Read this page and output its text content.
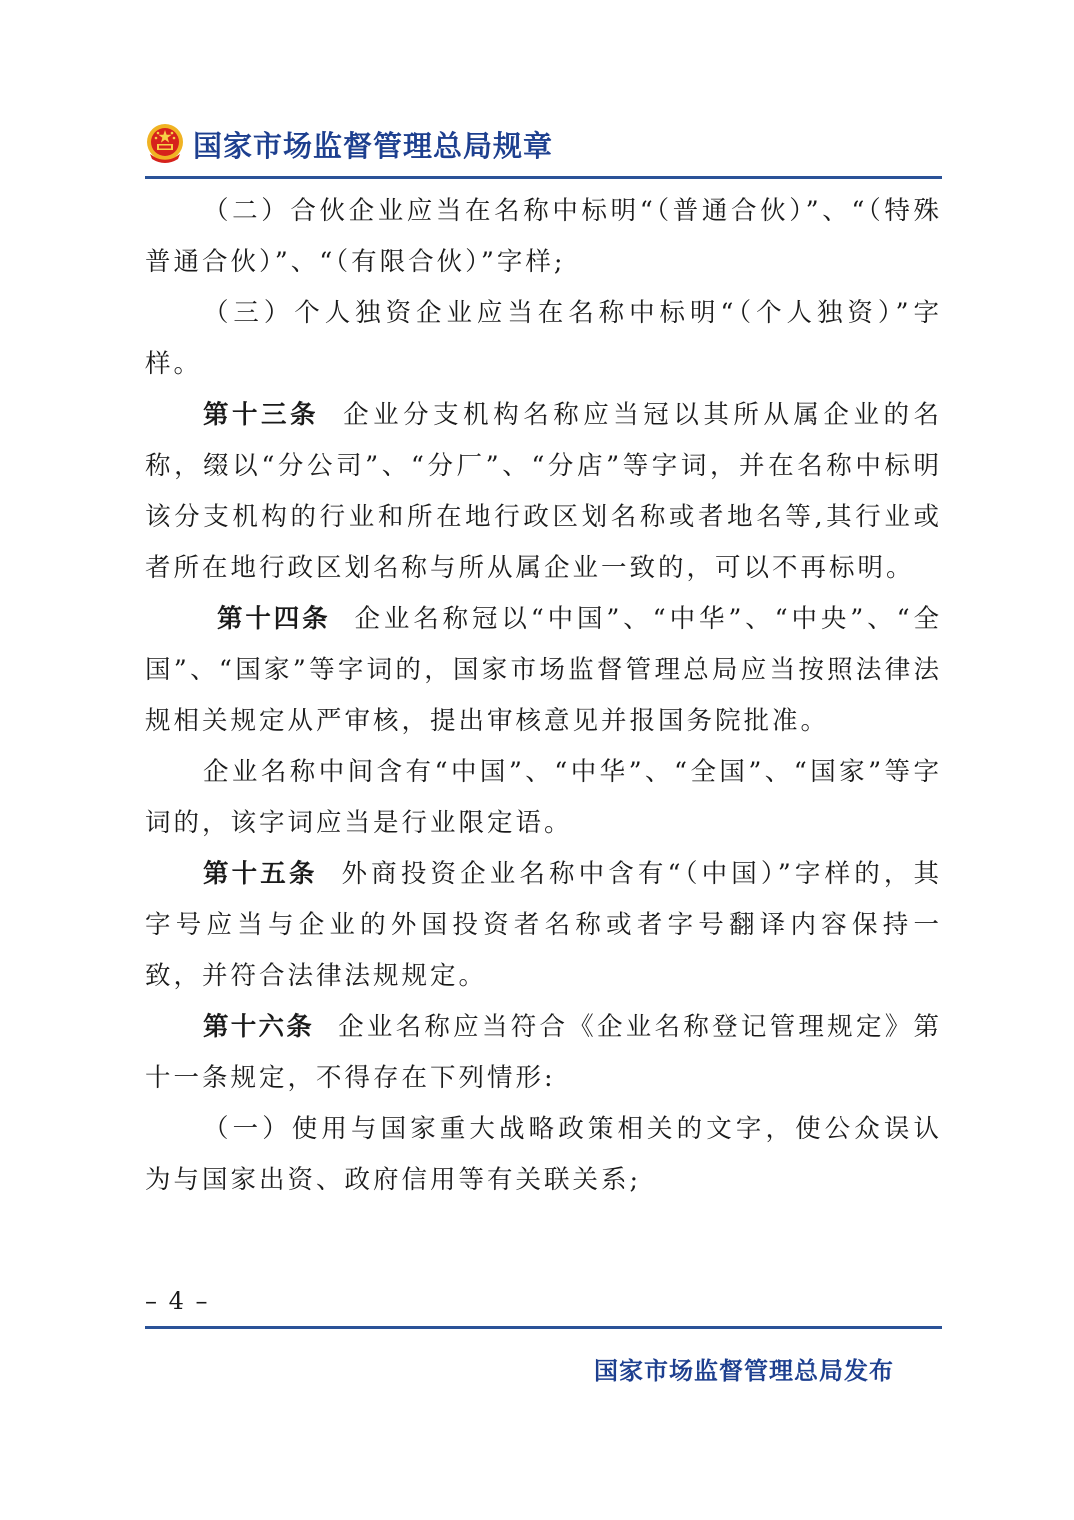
国家市场监督管理总局规章

（二）合伙企业应当在名称中标明“（普通合伙）”、“（特殊普通合伙）”、“（有限合伙）”字样;

（三）个人独资企业应当在名称中标明“（个人独资）”字样。

第十三条 企业分支机构名称应当冠以其所从属企业的名称，缀以“分公司”、“分厂”、“分店”等字词，并在名称中标明该分支机构的行业和所在地行政区划名称或者地名等,其行业或者所在地行政区划名称与所从属企业一致的，可以不再标明。

第十四条 企业名称冠以“中国”、“中华”、“中央”、“全国”、“国家”等字词的，国家市场监督管理总局应当按照法律法规相关规定从严审核，提出审核意见并报国务院批准。

企业名称中间含有“中国”、“中华”、“全国”、“国家”等字词的，该字词应当是行业限定语。

第十五条 外商投资企业名称中含有“（中国）”字样的，其字号应当与企业的外国投资者名称或者字号翻译内容保持一致，并符合法律法规规定。

第十六条 企业名称应当符合《企业名称登记管理规定》第十一条规定，不得存在下列情形:

（一）使用与国家重大战略政策相关的文字，使公众误认为与国家出资、政府信用等有关联关系;

– 4 –
国家市场监督管理总局发布
